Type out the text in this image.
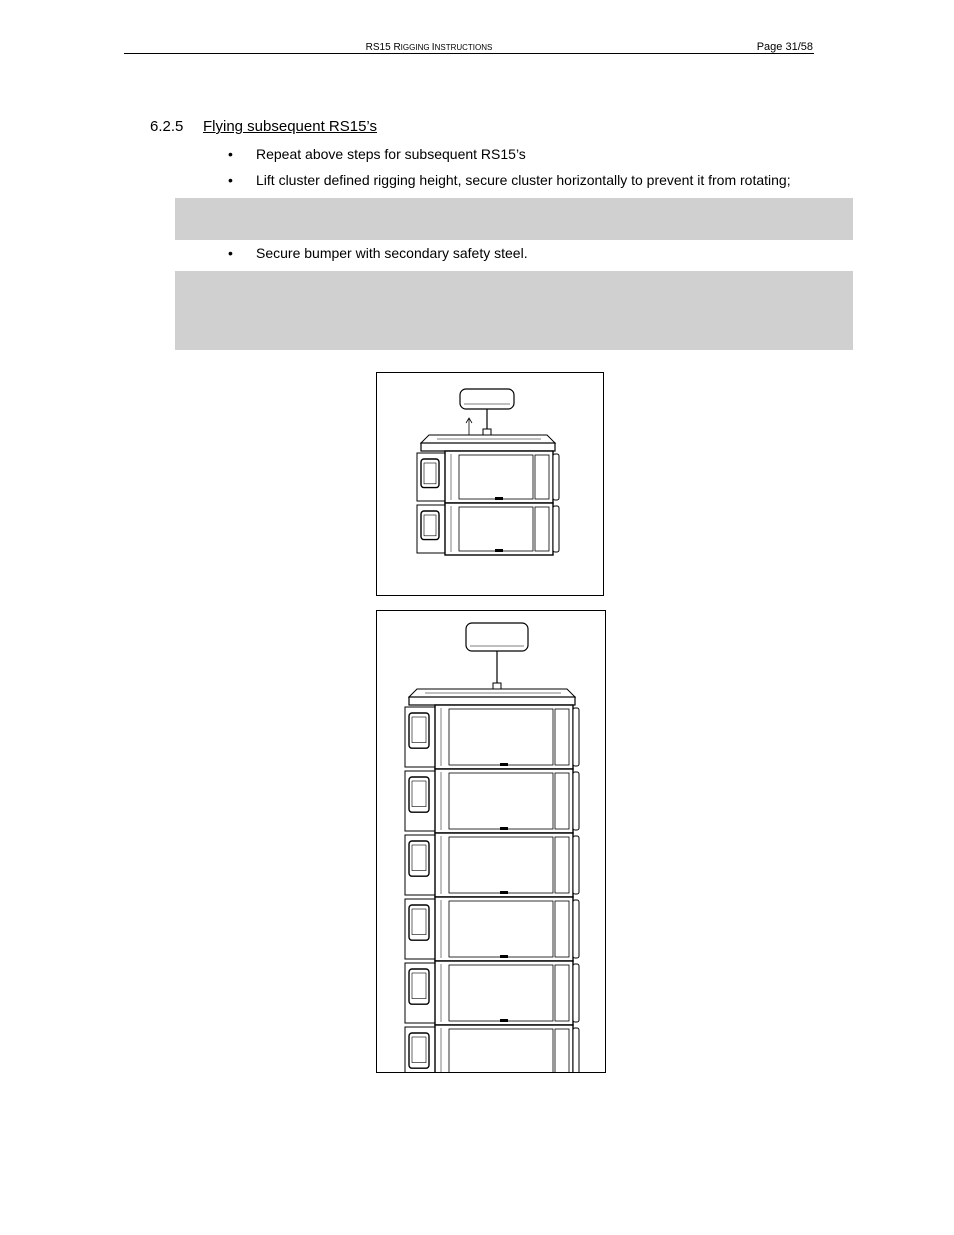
RS15 RIGGING INSTRUCTIONS	Page 31/58
6.2.5 Flying subsequent RS15’s
• Repeat above steps for subsequent RS15’s
• Lift cluster defined rigging height, secure cluster horizontally to prevent it from rotating;
• Secure bumper with secondary safety steel.
